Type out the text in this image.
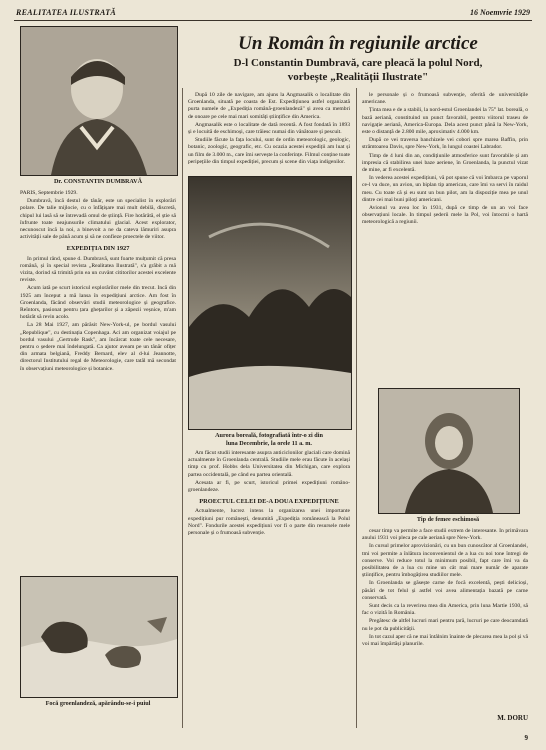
REALITATEA ILUSTRATĂ	16 Noemvrie 1929
Dr. CONSTANTIN DUMBRAVĂ
Un Român în regiunile arctice
D-l Constantin Dumbravă, care pleacă la polul Nord,
vorbește „Realității Ilustrate"

PARIS, Septembrie 1929.

Dumbravă, încă destul de tânăr, este un specialist în explorări polare. De talie mijlocie, cu o înfățișare mai mult debilă, discretă, chipul lui lasă să se întrevadă omul de știință. Fire hotărâtă, el știe să înfrunte toate neajunsurile climatului glacial. Acest explorator, necunoscut încă la noi, a binevoit a ne da cateva lămuriri asupra activității sale de până acum și să ne confieze proectele de viitor.

EXPEDIȚIA DIN 1927

In primul rând, spune d. Dumbravă, sunt foarte mulțumit că presa română, și în special revista „Realitatea Ilustrată", s'a grăbit a mă vizita, dorind să trimită prin ea un cuvânt cititorilor acestei excelente reviste.

Acum iată pe scurt istoricul explorărilor mele din trecut. Incă din 1925 am început a mă lansa în expedițiuni arctice. Am fost în Groenlanda, făcând observări studii meteorologice și geografice. Reîntors, pasionat pentru țara ghețarilor și a zăpezii veșnice, m'am hotărât să revin acolo.

La 28 Mai 1927, am părăsit New-York-ul, pe bordul vasului „Republique", cu destinația Copenhaga. Aci am organizat voiajul pe bordul vasului „Gertrude Rask", am încărcat toate cele necesare, pentru o ședere mai îndelungată. Ca ajutor aveam pe un tânăr ofițer din armata belgiană, Freddy Bernard, elev al d-lui Jeannotte, directorul Institutului regal de Meteorologie, care tatăl mă secondat în observațiuni meteorologice și botanice.

Focă groenlandeză, apărându-se-i puiul

După 10 zile de navigare, am ajuns la Angmasalik o localitate din Groenlanda, situată pe coasta de Est. Expedițiunea astfel organizată purta numele de „Expediția română-groenlandeză" și avea ca membri de onoare pe cele mai mari somități științifice din America.

Angmasalik este o localitate de dată recentă. A fost fondată în 1893 și e locuită de eschimoși, care trăiesc numai din vânătoare și pescuit.

Studiile făcute la fața locului, sunt de ordin meteorologic, geologic, botanic, zoologic, geografic, etc. Cu ocazia acestei expediții am luat și un film de 3.000 m., care îmi servește la conferințe. Filmul conține toate peripețiile din timpul expediției, precum și scene din viața indigenilor.

Aurora boreală, fotografiată într-o zi din
luna Decembrie, la orele 11 a. m.

Am făcut studii interesante asupra anticiclonilor glaciali care domină actualmente în Groenlanda centrală. Studiile mele erau făcute în același timp cu prof. Hobbs dela Universitatea din Michigan, care explora partea occidentală, pe când eu partea orientală.

Acesata ar fi, pe scurt, istoricul primei expedițiuni româno-groenlandeze.

PROECTUL CELEI DE-A DOUA EXPEDIȚIUNE

Actualmente, lucrez intens la organizarea unei importante expedițiuni pur românești, denumită „Expediția românească la Polul Nord". Fondurile acestei expedițiuni vor fi o parte din resursele mele personale și o frumoasă subvenție.

le personale și o frumoasă subvenție, oferită de universitățile americane.

Ținta mea e de a stabili, la nord-estul Groenlandei la 75° lat. boreală, o bază aeriană, constituind un punct favorabil, pentru viitorul traseu de navigație aeriană, America-Europa. Dela acest punct până la New-York, este o distanță de 2.800 mile, aproximativ 4.000 km.

După ce vei traversa banchizele vei cobori spre marea Baffin, prin strâmtoarea Davis, spre New-York, în lungul coastei Labrador.

Timp de 4 luni din an, condițiunile atmosferice sunt favorabile și am impresia că stabilirea unei baze aeriene, în Groenlanda, la punctul vizat de mine, ar fi excelentă.

In vederea acestei expedițiuni, vă pot spune că voi îmbarca pe vaporul ce-l va duce, un avion, un biplan tip american, care îmi va servi în raidul meu. Cu toate că și eu sunt un bun pilot, am la dispoziție mea pe unul dintre cei mai buni piloți americani.

Avionul va avea loc în 1931, după ce timp de un an voi face observațiuni locale. In timpul șederii mele la Pol, voi întocmi o hartă meteorologică a regiunii.

Tip de femee eschimosă

cesar timp va permite a face studii extrem de interesante. In primăvara anului 1931 voi pleca pe cale aeriană spre New-York.

In cursul primelor aprovizionări, cu un bun cunoscător al Groenlandei, tmi voi permite a înlătura inconvenientul de a lua cu noi tone întregi de conserve. Voi reduce totul la minimum posibil, fapt care îmi va da posibilitatea de a lua cu mine un cât mai mare număr de aparate științifice, pentru îmbogățirea studiilor mele.

In Groenlanda se găsește carne de focă excelentă, pești delicioși, păsări de tot felul și astfel voi avea alimentația bazată pe carne conservată.

Sunt decis ca la reverirea mea din America, prin luna Martie 1930, să fac o vizită în România.

Pregătesc de altfel lucruri mari pentru țară, lucruri pe care deocamdată nu le pot da publicității.

In tot cazul aper că ne mai întâlnim înainte de plecarea mea la pol și vă voi mai împărtăși planurile.

M. DORU
9
